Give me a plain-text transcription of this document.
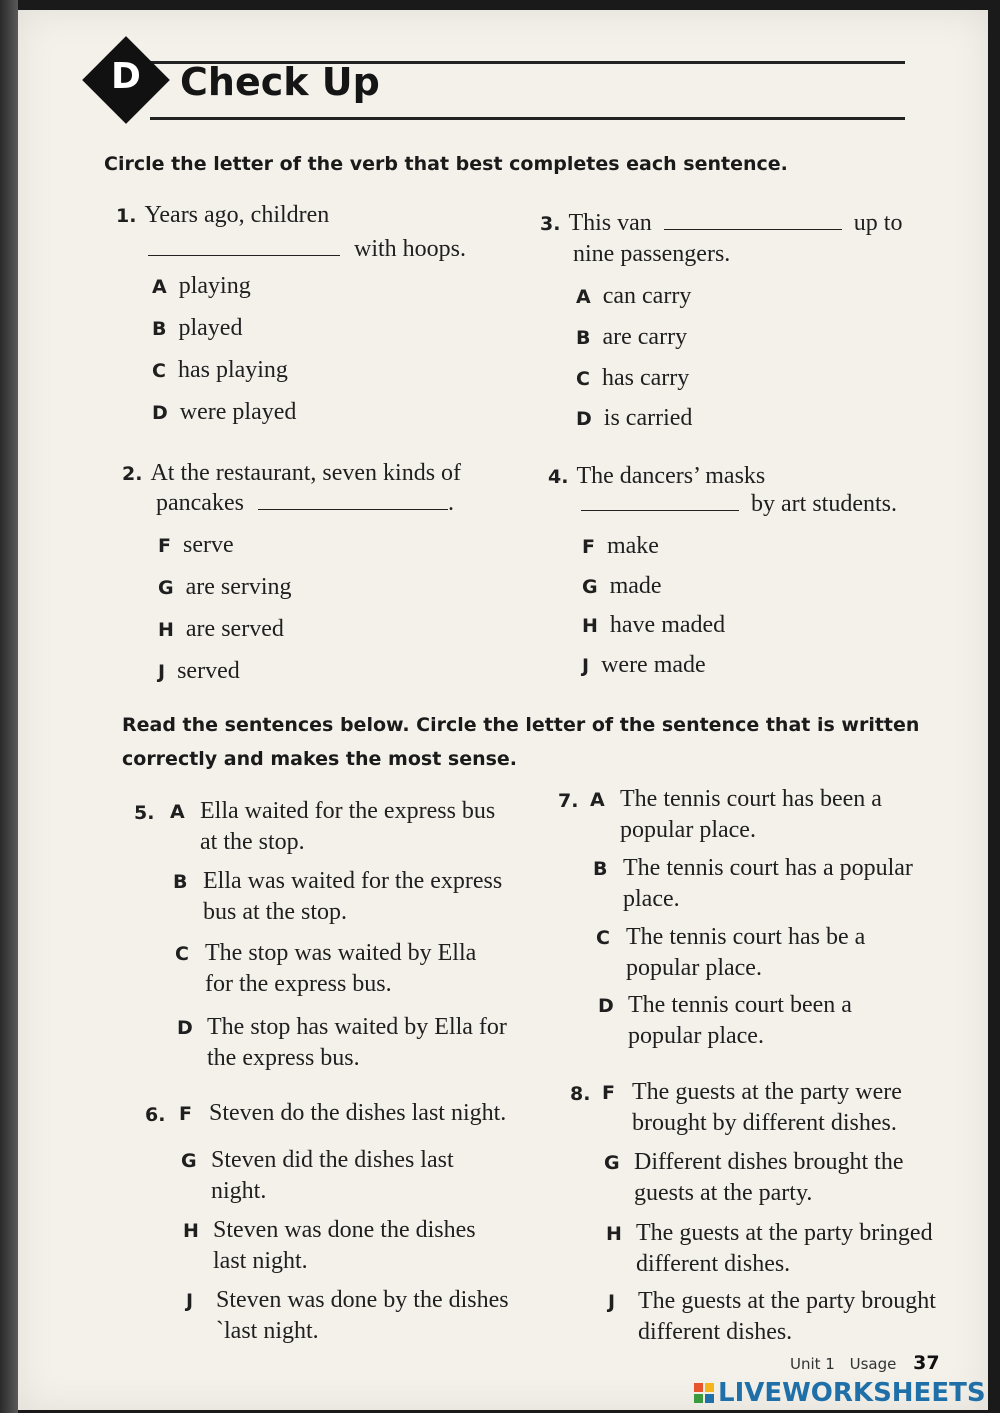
D	Check Up
Circle the letter of the verb that best completes each sentence.
1. Years ago, children
with hoops.
A playing
B played
C has playing
D were played
2. At the restaurant, seven kinds of
pancakes	.
F serve
G are serving
H are served
J served
3. This van	up to
nine passengers.
A can carry
B are carry
C has carry
D is carried
4. The dancers’ masks
by art students.
F make
G made
H have maded
J were made
Read the sentences below. Circle the letter of the sentence that is written
correctly and makes the most sense.
5. A Ella waited for the express bus
at the stop.
B Ella was waited for the express
bus at the stop.
C The stop was waited by Ella
for the express bus.
D The stop has waited by Ella for
the express bus.
6. F Steven do the dishes last night.
G Steven did the dishes last
night.
H Steven was done the dishes
last night.
J Steven was done by the dishes
`last night.
7. A The tennis court has been a
popular place.
B The tennis court has a popular
place.
C The tennis court has be a
popular place.
D The tennis court been a
popular place.
8. F The guests at the party were
brought by different dishes.
G Different dishes brought the
guests at the party.
H The guests at the party bringed
different dishes.
J The guests at the party brought
different dishes.
Unit 1 Usage 37
LIVEWORKSHEETS
